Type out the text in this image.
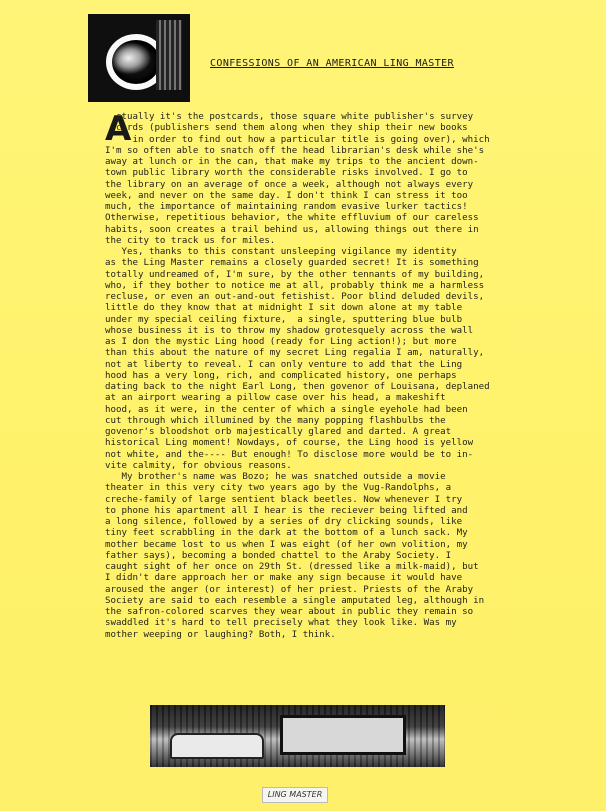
CONFESSIONS OF AN AMERICAN LING MASTER
A
ctually it's the postcards, those square white publisher's survey
cards (publishers send them along when they ship their new books
in order to find out how a particular title is going over), which
I'm so often able to snatch off the head librarian's desk while she's
away at lunch or in the can, that make my trips to the ancient down-
town public library worth the considerable risks involved. I go to
the library on an average of once a week, although not always every
week, and never on the same day. I don't think I can stress it too
much, the importance of maintaining random evasive lurker tactics!
Otherwise, repetitious behavior, the white effluvium of our careless
habits, soon creates a trail behind us, allowing things out there in
the city to track us for miles.
Yes, thanks to this constant unsleeping vigilance my identity
as the Ling Master remains a closely guarded secret! It is something
totally undreamed of, I'm sure, by the other tennants of my building,
who, if they bother to notice me at all, probably think me a harmless
recluse, or even an out-and-out fetishist. Poor blind deluded devils,
little do they know that at midnight I sit down alone at my table
under my special ceiling fixture,  a single, sputtering blue bulb
whose business it is to throw my shadow grotesquely across the wall
as I don the mystic Ling hood (ready for Ling action!); but more
than this about the nature of my secret Ling regalia I am, naturally,
not at liberty to reveal. I can only venture to add that the Ling
hood has a very long, rich, and complicated history, one perhaps
dating back to the night Earl Long, then govenor of Louisana, deplaned
at an airport wearing a pillow case over his head, a makeshift
hood, as it were, in the center of which a single eyehole had been
cut through which illumined by the many popping flashbulbs the
govenor's bloodshot orb majestically glared and darted. A great
historical Ling moment! Nowdays, of course, the Ling hood is yellow
not white, and the---- But enough! To disclose more would be to in-
vite calmity, for obvious reasons.
My brother's name was Bozo; he was snatched outside a movie
theater in this very city two years ago by the Vug-Randolphs, a
creche-family of large sentient black beetles. Now whenever I try
to phone his apartment all I hear is the reciever being lifted and
a long silence, followed by a series of dry clicking sounds, like
tiny feet scrabbling in the dark at the bottom of a lunch sack. My
mother became lost to us when I was eight (of her own volition, my
father says), becoming a bonded chattel to the Araby Society. I
caught sight of her once on 29th St. (dressed like a milk-maid), but
I didn't dare approach her or make any sign because it would have
aroused the anger (or interest) of her priest. Priests of the Araby
Society are said to each resemble a single amputated leg, although in
the safron-colored scarves they wear about in public they remain so
swaddled it's hard to tell precisely what they look like. Was my
mother weeping or laughing? Both, I think.
LING MASTER
